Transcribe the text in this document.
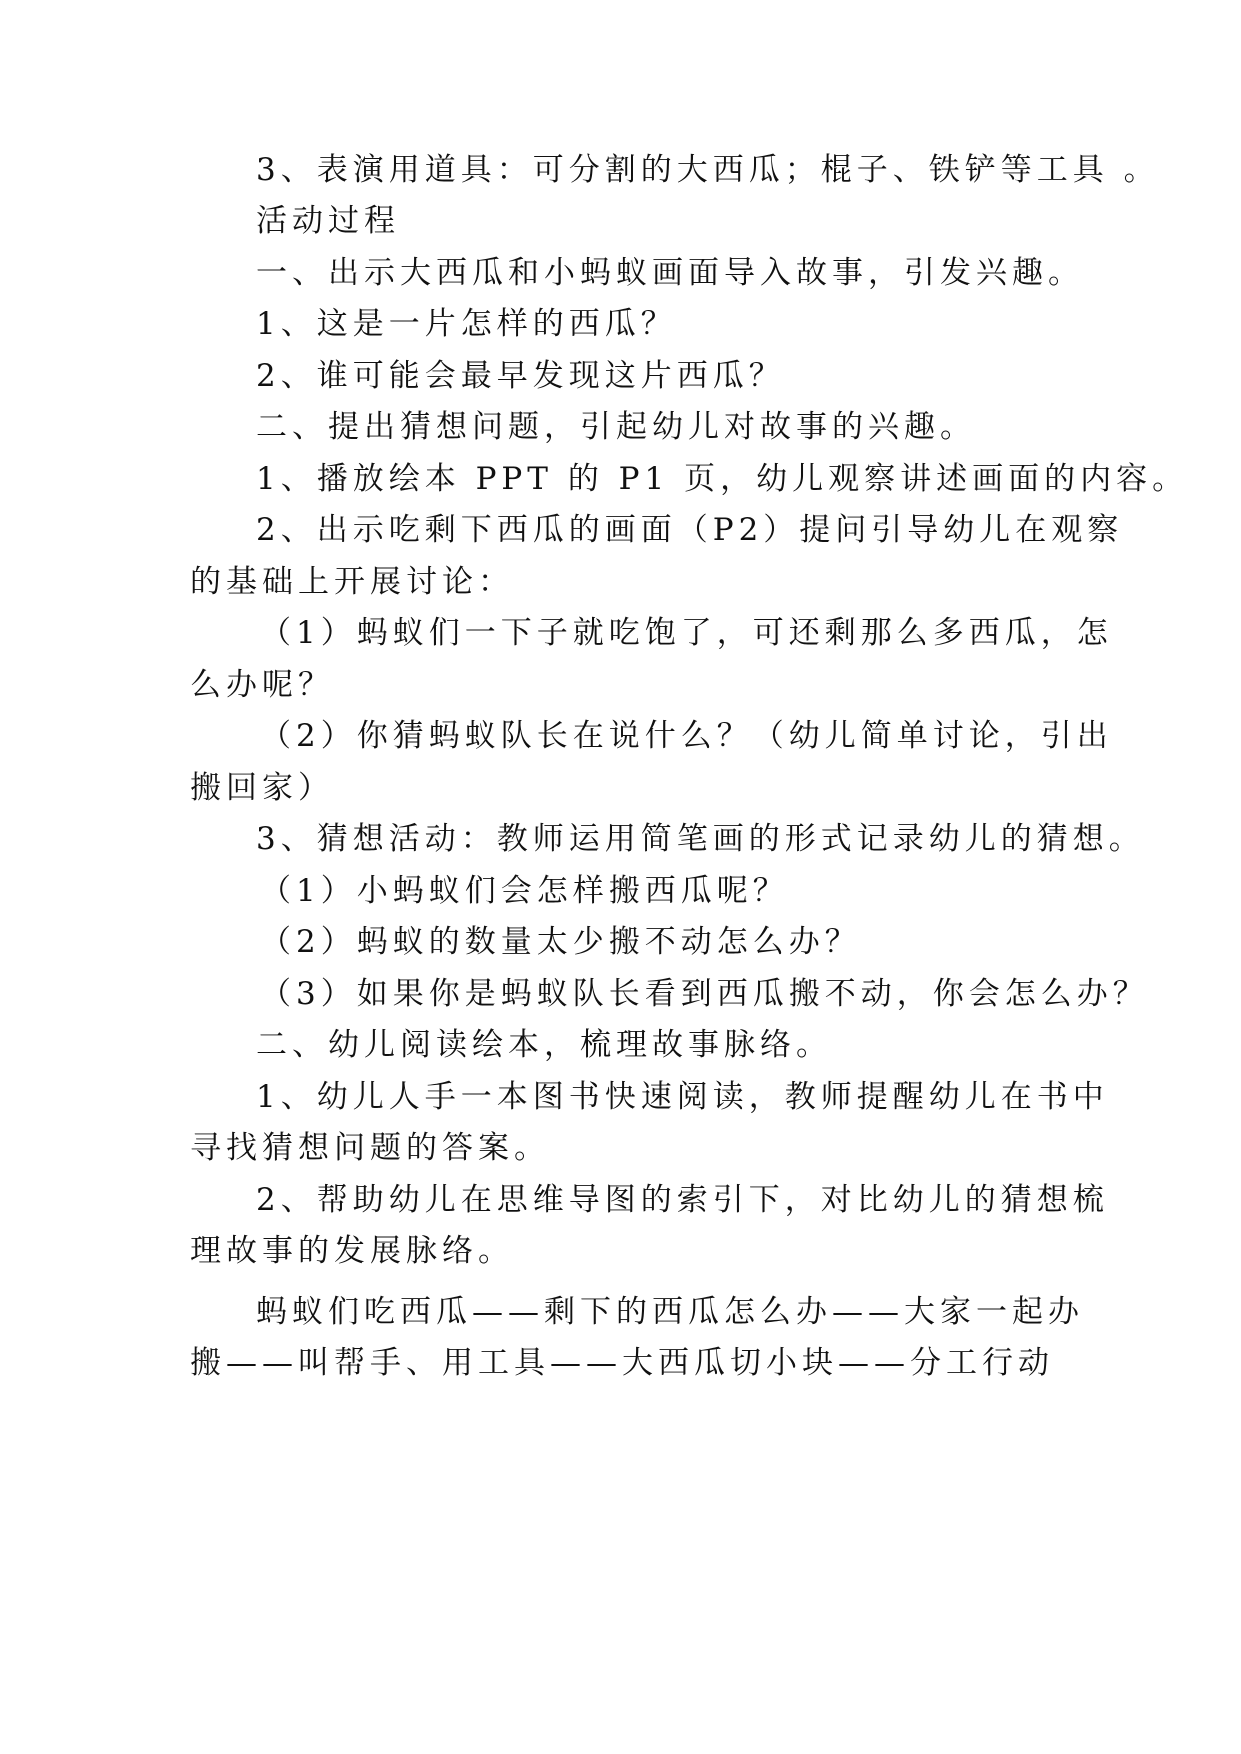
3、表演用道具：可分割的大西瓜；棍子、铁铲等工具 。
活动过程
一、出示大西瓜和小蚂蚁画面导入故事，引发兴趣。
1、这是一片怎样的西瓜？
2、谁可能会最早发现这片西瓜？
二、提出猜想问题，引起幼儿对故事的兴趣。
1、播放绘本 PPT 的 P1 页，幼儿观察讲述画面的内容。
2、出示吃剩下西瓜的画面（P2）提问引导幼儿在观察
的基础上开展讨论：
（1）蚂蚁们一下子就吃饱了，可还剩那么多西瓜，怎
么办呢？
（2）你猜蚂蚁队长在说什么？（幼儿简单讨论，引出
搬回家）
3、猜想活动：教师运用简笔画的形式记录幼儿的猜想。
（1）小蚂蚁们会怎样搬西瓜呢？
（2）蚂蚁的数量太少搬不动怎么办？
（3）如果你是蚂蚁队长看到西瓜搬不动，你会怎么办？
二、幼儿阅读绘本，梳理故事脉络。
1、幼儿人手一本图书快速阅读，教师提醒幼儿在书中
寻找猜想问题的答案。
2、帮助幼儿在思维导图的索引下，对比幼儿的猜想梳
理故事的发展脉络。
蚂蚁们吃西瓜——剩下的西瓜怎么办——大家一起办
搬——叫帮手、用工具——大西瓜切小块——分工行动
